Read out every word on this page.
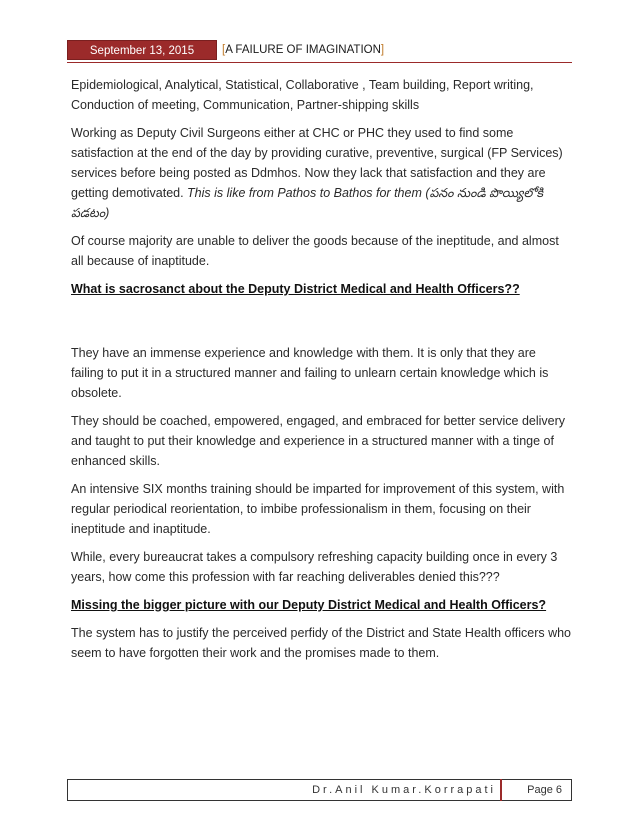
September 13, 2015	[A FAILURE OF IMAGINATION]

Epidemiological, Analytical, Statistical, Collaborative , Team building, Report writing, Conduction of meeting, Communication, Partner-shipping skills

Working as Deputy Civil Surgeons either at CHC or PHC they used to find some satisfaction at the end of the day by providing curative, preventive, surgical (FP Services) services before being posted as Ddmhos. Now they lack that satisfaction and they are getting demotivated. This is like from Pathos to Bathos for them (పనం నుండి పొయ్యిలోకి పడటం)

Of course majority are unable to deliver the goods because of the ineptitude, and almost all because of inaptitude.

What is sacrosanct about the Deputy District Medical and Health Officers??

They have an immense experience and knowledge with them. It is only that they are failing to put it in a structured manner and failing to unlearn certain knowledge which is obsolete.

They should be coached, empowered, engaged, and embraced for better service delivery and taught to put their knowledge and experience in a structured manner with a tinge of enhanced skills.

An intensive SIX months training should be imparted for improvement of this system, with regular periodical reorientation, to imbibe professionalism in them, focusing on their ineptitude and inaptitude.

While, every bureaucrat takes a compulsory refreshing capacity building once in every 3 years, how come this profession with far reaching deliverables denied this???

Missing the bigger picture with our Deputy District Medical and Health Officers?

The system has to justify the perceived perfidy of the District and State Health officers who seem to have forgotten their work and the promises made to them.

Dr.Anil Kumar.Korrapati	Page 6
